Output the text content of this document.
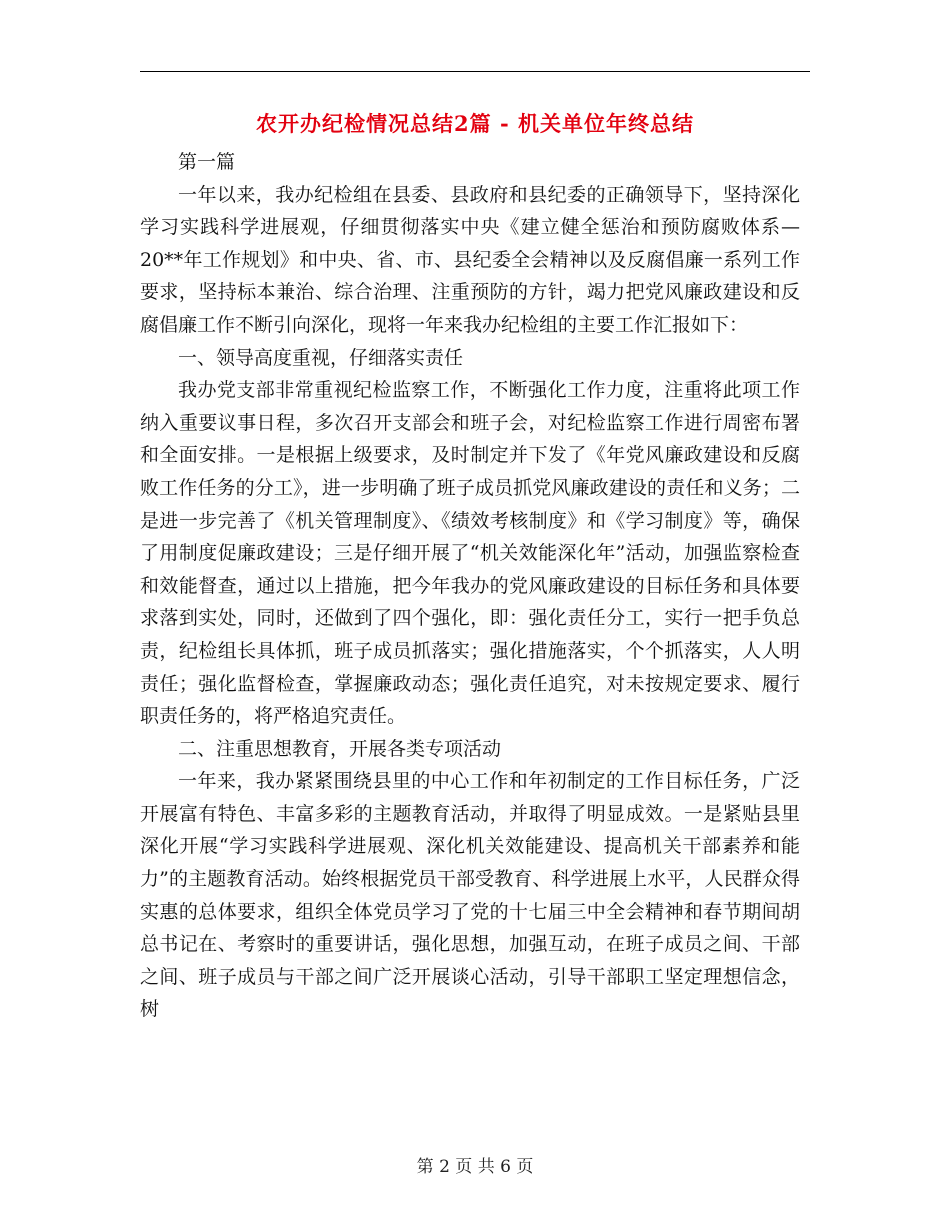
农开办纪检情况总结2篇 - 机关单位年终总结

第一篇

一年以来，我办纪检组在县委、县政府和县纪委的正确领导下，坚持深化学习实践科学进展观，仔细贯彻落实中央《建立健全惩治和预防腐败体系—20**年工作规划》和中央、省、市、县纪委全会精神以及反腐倡廉一系列工作要求，坚持标本兼治、综合治理、注重预防的方针，竭力把党风廉政建设和反腐倡廉工作不断引向深化，现将一年来我办纪检组的主要工作汇报如下：

一、领导高度重视，仔细落实责任

我办党支部非常重视纪检监察工作，不断强化工作力度，注重将此项工作纳入重要议事日程，多次召开支部会和班子会，对纪检监察工作进行周密布署和全面安排。一是根据上级要求，及时制定并下发了《年党风廉政建设和反腐败工作任务的分工》，进一步明确了班子成员抓党风廉政建设的责任和义务；二是进一步完善了《机关管理制度》、《绩效考核制度》和《学习制度》等，确保了用制度促廉政建设；三是仔细开展了“机关效能深化年”活动，加强监察检查和效能督查，通过以上措施，把今年我办的党风廉政建设的目标任务和具体要求落到实处，同时，还做到了四个强化，即：强化责任分工，实行一把手负总责，纪检组长具体抓，班子成员抓落实；强化措施落实，个个抓落实，人人明责任；强化监督检查，掌握廉政动态；强化责任追究，对未按规定要求、履行职责任务的，将严格追究责任。

二、注重思想教育，开展各类专项活动

一年来，我办紧紧围绕县里的中心工作和年初制定的工作目标任务，广泛开展富有特色、丰富多彩的主题教育活动，并取得了明显成效。一是紧贴县里深化开展“学习实践科学进展观、深化机关效能建设、提高机关干部素养和能力”的主题教育活动。始终根据党员干部受教育、科学进展上水平，人民群众得实惠的总体要求，组织全体党员学习了党的十七届三中全会精神和春节期间胡总书记在、考察时的重要讲话，强化思想，加强互动，在班子成员之间、干部之间、班子成员与干部之间广泛开展谈心活动，引导干部职工坚定理想信念，树

第 2 页 共 6 页
